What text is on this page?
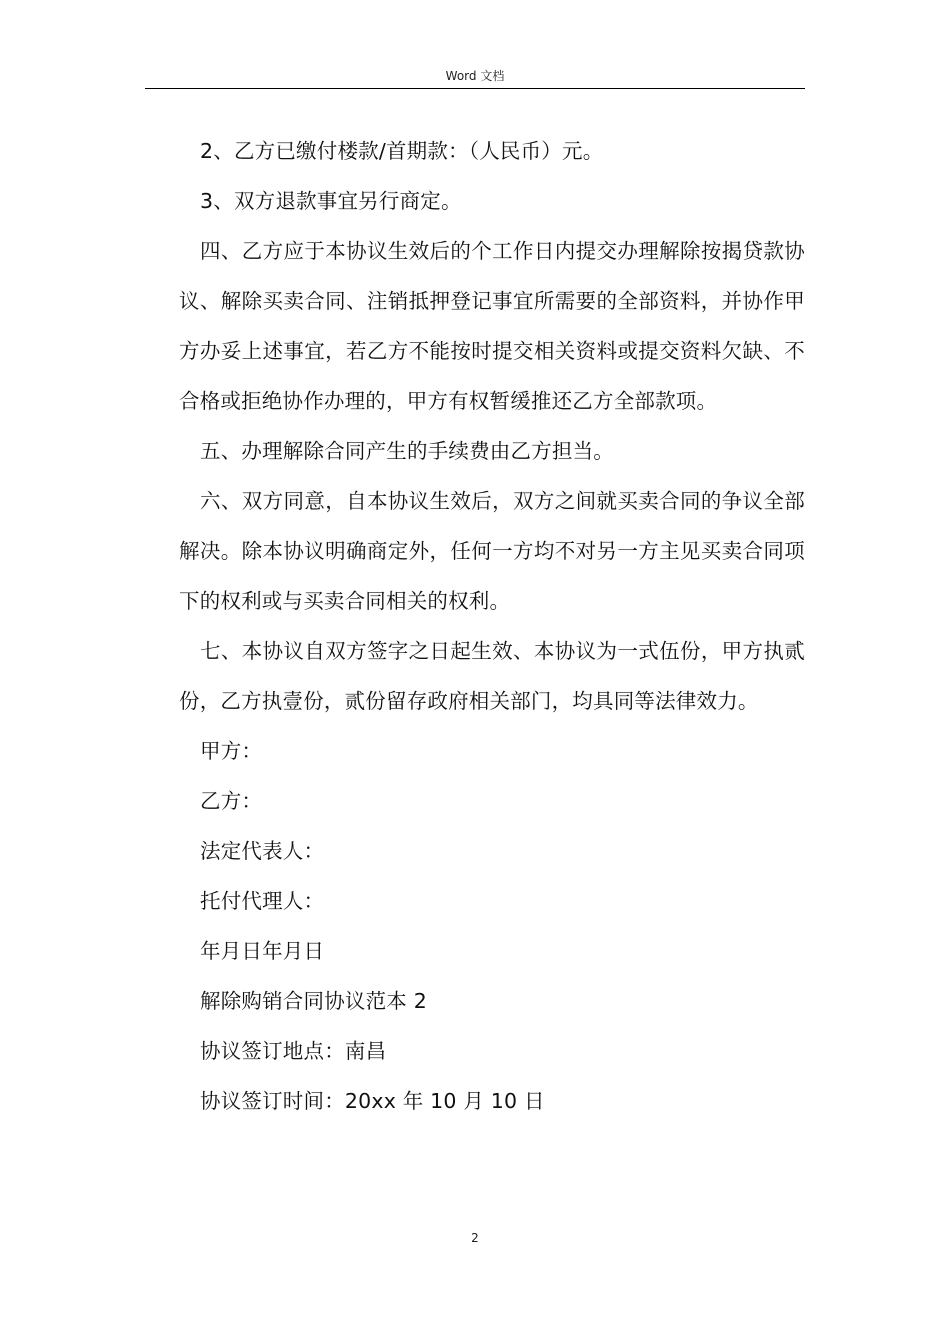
Word 文档

2、乙方已缴付楼款/首期款：（人民币）元。

3、双方退款事宜另行商定。

四、乙方应于本协议生效后的个工作日内提交办理解除按揭贷款协议、解除买卖合同、注销抵押登记事宜所需要的全部资料，并协作甲方办妥上述事宜，若乙方不能按时提交相关资料或提交资料欠缺、不合格或拒绝协作办理的，甲方有权暂缓推还乙方全部款项。

五、办理解除合同产生的手续费由乙方担当。

六、双方同意，自本协议生效后，双方之间就买卖合同的争议全部解决。除本协议明确商定外，任何一方均不对另一方主见买卖合同项下的权利或与买卖合同相关的权利。

七、本协议自双方签字之日起生效、本协议为一式伍份，甲方执贰份，乙方执壹份，贰份留存政府相关部门，均具同等法律效力。

甲方：

乙方：

法定代表人：

托付代理人：

年月日年月日

解除购销合同协议范本 2

协议签订地点：南昌

协议签订时间：20xx 年 10 月 10 日

2
